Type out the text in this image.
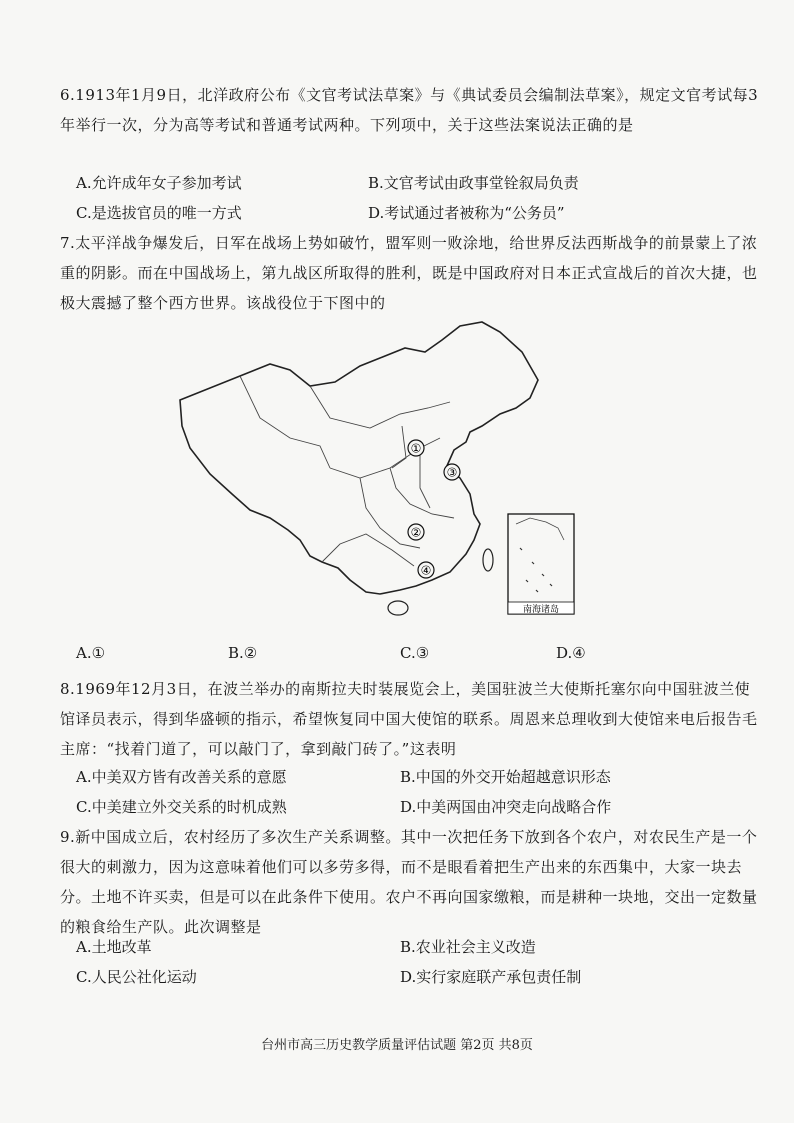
6.1913年1月9日，北洋政府公布《文官考试法草案》与《典试委员会编制法草案》，规定文官考试每3年举行一次，分为高等考试和普通考试两种。下列项中，关于这些法案说法正确的是

A.允许成年女子参加考试	B.文官考试由政事堂铨叙局负责
C.是选拔官员的唯一方式	D.考试通过者被称为“公务员”

7.太平洋战争爆发后，日军在战场上势如破竹，盟军则一败涂地，给世界反法西斯战争的前景蒙上了浓重的阴影。而在中国战场上，第九战区所取得的胜利，既是中国政府对日本正式宣战后的首次大捷，也极大震撼了整个西方世界。该战役位于下图中的

①
②
③
④
南海诸岛
A.①	B.②	C.③	D.④

8.1969年12月3日，在波兰举办的南斯拉夫时装展览会上，美国驻波兰大使斯托塞尔向中国驻波兰使馆译员表示，得到华盛顿的指示，希望恢复同中国大使馆的联系。周恩来总理收到大使馆来电后报告毛主席：“找着门道了，可以敲门了，拿到敲门砖了。”这表明

A.中美双方皆有改善关系的意愿	B.中国的外交开始超越意识形态
C.中美建立外交关系的时机成熟	D.中美两国由冲突走向战略合作

9.新中国成立后，农村经历了多次生产关系调整。其中一次把任务下放到各个农户，对农民生产是一个很大的刺激力，因为这意味着他们可以多劳多得，而不是眼看着把生产出来的东西集中，大家一块去分。土地不许买卖，但是可以在此条件下使用。农户不再向国家缴粮，而是耕种一块地，交出一定数量的粮食给生产队。此次调整是

A.土地改革	B.农业社会主义改造
C.人民公社化运动	D.实行家庭联产承包责任制
台州市高三历史教学质量评估试题 第2页 共8页
